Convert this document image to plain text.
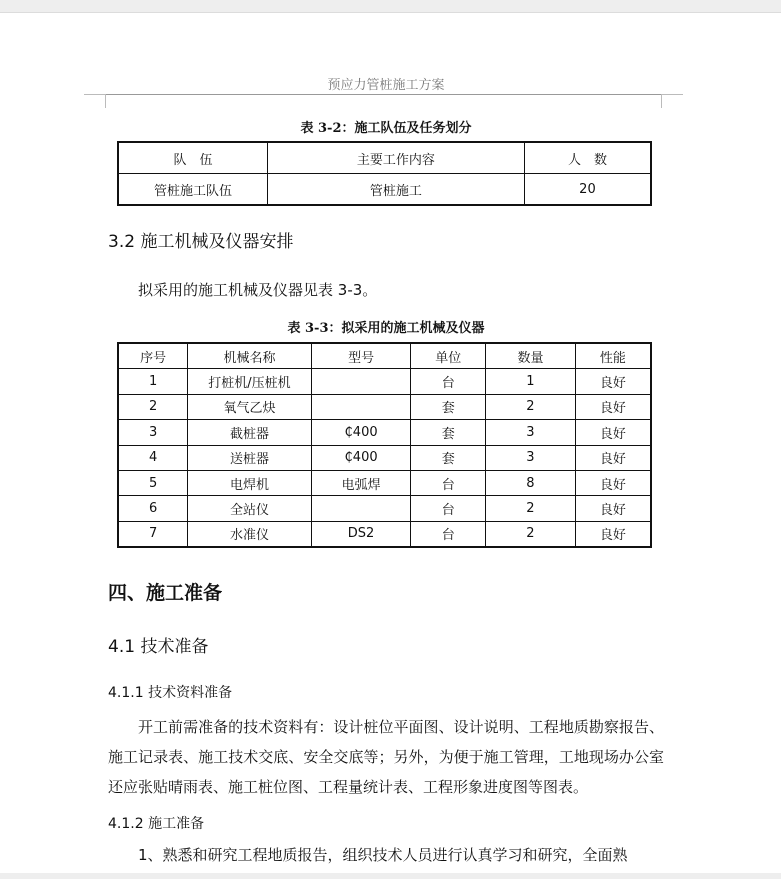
预应力管桩施工方案
表 3-2：施工队伍及任务划分
队　伍	主要工作内容	人　数
管桩施工队伍	管桩施工	20
3.2 施工机械及仪器安排
拟采用的施工机械及仪器见表 3-3。
表 3-3：拟采用的施工机械及仪器
序号	机械名称	型号	单位	数量	性能
1	打桩机/压桩机		台	1	良好
2	氧气乙炔		套	2	良好
3	截桩器	₵400	套	3	良好
4	送桩器	₵400	套	3	良好
5	电焊机	电弧焊	台	8	良好
6	全站仪		台	2	良好
7	水准仪	DS2	台	2	良好
四、施工准备
4.1 技术准备
4.1.1 技术资料准备
开工前需准备的技术资料有：设计桩位平面图、设计说明、工程地质勘察报告、施工记录表、施工技术交底、安全交底等；另外，为便于施工管理，工地现场办公室还应张贴晴雨表、施工桩位图、工程量统计表、工程形象进度图等图表。
4.1.2 施工准备
1、熟悉和研究工程地质报告，组织技术人员进行认真学习和研究，全面熟
